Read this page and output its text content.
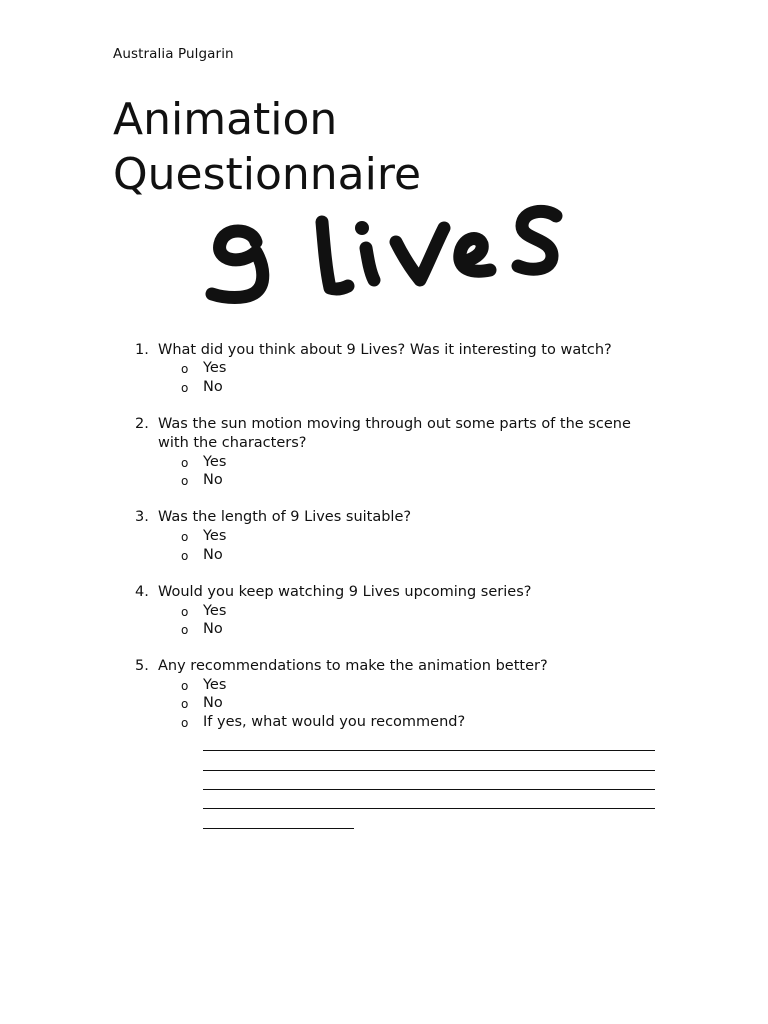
Australia Pulgarin
Animation
Questionnaire
1. What did you think about 9 Lives? Was it interesting to watch?
o Yes
o No
2. Was the sun motion moving through out some parts of the scene
with the characters?
o Yes
o No
3. Was the length of 9 Lives suitable?
o Yes
o No
4. Would you keep watching 9 Lives upcoming series?
o Yes
o No
5. Any recommendations to make the animation better?
o Yes
o No
o If yes, what would you recommend?
